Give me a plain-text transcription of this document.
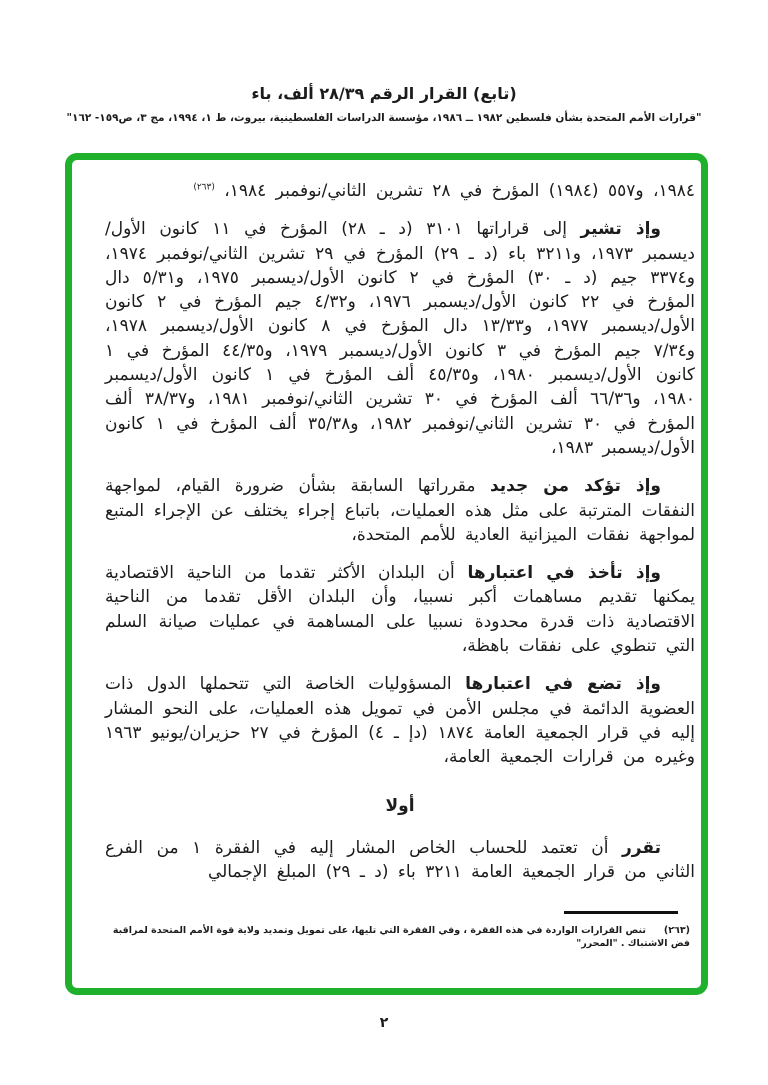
(تابع) القرار الرقم ٢٨/٣٩ ألف، باء
"قرارات الأمم المتحدة بشأن فلسطين ١٩٨٢ ــ ١٩٨٦، مؤسسة الدراسات الفلسطينية، بيروت، ط ١، ١٩٩٤، مج ٣، ص١٥٩- ١٦٢"

١٩٨٤، و٥٥٧ (١٩٨٤) المؤرخ في ٢٨ تشرين الثاني/نوفمبر ١٩٨٤، $^{(٢٦٣)}$

وإذ تشير إلى قراراتها ٣١٠١ (د ـ ٢٨) المؤرخ في ١١ كانون الأول/ديسمبر ١٩٧٣، و٣٢١١ باء (د ـ ٢٩) المؤرخ في ٢٩ تشرين الثاني/نوفمبر ١٩٧٤، و٣٣٧٤ جيم (د ـ ٣٠) المؤرخ في ٢ كانون الأول/ديسمبر ١٩٧٥، و٥/٣١ دال المؤرخ في ٢٢ كانون الأول/ديسمبر ١٩٧٦، و٤/٣٢ جيم المؤرخ في ٢ كانون الأول/ديسمبر ١٩٧٧، و١٣/٣٣ دال المؤرخ في ٨ كانون الأول/ديسمبر ١٩٧٨، و٧/٣٤ جيم المؤرخ في ٣ كانون الأول/ديسمبر ١٩٧٩، و٤٤/٣٥ المؤرخ في ١ كانون الأول/ديسمبر ١٩٨٠، و٤٥/٣٥ ألف المؤرخ في ١ كانون الأول/ديسمبر ١٩٨٠، و٦٦/٣٦ ألف المؤرخ في ٣٠ تشرين الثاني/نوفمبر ١٩٨١، و٣٨/٣٧ ألف المؤرخ في ٣٠ تشرين الثاني/نوفمبر ١٩٨٢، و٣٥/٣٨ ألف المؤرخ في ١ كانون الأول/ديسمبر ١٩٨٣،

وإذ تؤكد من جديد مقرراتها السابقة بشأن ضرورة القيام، لمواجهة النفقات المترتبة على مثل هذه العمليات، باتباع إجراء يختلف عن الإجراء المتبع لمواجهة نفقات الميزانية العادية للأمم المتحدة،

وإذ تأخذ في اعتبارها أن البلدان الأكثر تقدما من الناحية الاقتصادية يمكنها تقديم مساهمات أكبر نسبيا، وأن البلدان الأقل تقدما من الناحية الاقتصادية ذات قدرة محدودة نسبيا على المساهمة في عمليات صيانة السلم التي تنطوي على نفقات باهظة،

وإذ تضع في اعتبارها المسؤوليات الخاصة التي تتحملها الدول ذات العضوية الدائمة في مجلس الأمن في تمويل هذه العمليات، على النحو المشار إليه في قرار الجمعية العامة ١٨٧٤ (دإ ـ ٤) المؤرخ في ٢٧ حزيران/يونيو ١٩٦٣ وغيره من قرارات الجمعية العامة،

أولا

تقرر أن تعتمد للحساب الخاص المشار إليه في الفقرة ١ من الفرع الثاني من قرار الجمعية العامة ٣٢١١ باء (د ـ ٢٩) المبلغ الإجمالي

(٢٦٣)تنص القرارات الواردة في هذه الفقرة ، وفي الفقرة التي تليها، على تمويل وتمديد ولاية قوة الأمم المتحدة لمراقبة فض الاشتباك . "المحرر"
٢
